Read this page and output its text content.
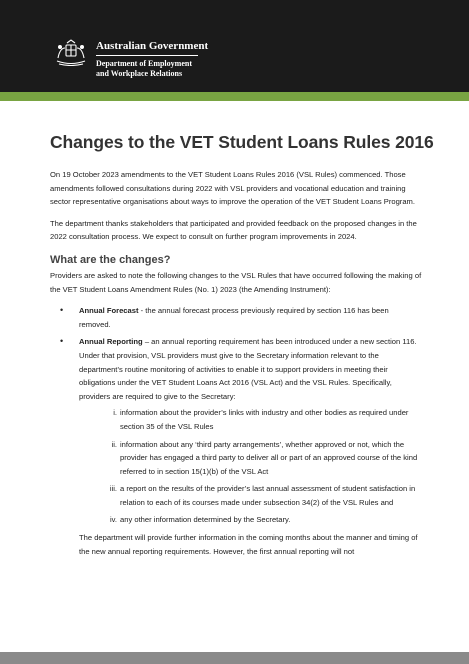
Australian Government
Department of Employment
and Workplace Relations
Changes to the VET Student Loans Rules 2016

On 19 October 2023 amendments to the VET Student Loans Rules 2016 (VSL Rules) commenced. Those amendments followed consultations during 2022 with VSL providers and vocational education and training sector representative organisations about ways to improve the operation of the VET Student Loans Program.

The department thanks stakeholders that participated and provided feedback on the proposed changes in the 2022 consultation process. We expect to consult on further program improvements in 2024.

What are the changes?

Providers are asked to note the following changes to the VSL Rules that have occurred following the making of the VET Student Loans Amendment Rules (No. 1) 2023 (the Amending Instrument):

• Annual Forecast - the annual forecast process previously required by section 116 has been removed.
• Annual Reporting – an annual reporting requirement has been introduced under a new section 116. Under that provision, VSL providers must give to the Secretary information relevant to the department’s routine monitoring of activities to enable it to support providers in meeting their obligations under the VET Student Loans Act 2016 (VSL Act) and the VSL Rules. Specifically, providers are required to give to the Secretary:
i. information about the provider’s links with industry and other bodies as required under section 35 of the VSL Rules
ii. information about any ‘third party arrangements’, whether approved or not, which the provider has engaged a third party to deliver all or part of an approved course of the kind referred to in section 15(1)(b) of the VSL Act
iii. a report on the results of the provider’s last annual assessment of student satisfaction in relation to each of its courses made under subsection 34(2) of the VSL Rules and
iv. any other information determined by the Secretary.
The department will provide further information in the coming months about the manner and timing of the new annual reporting requirements. However, the first annual reporting will not
